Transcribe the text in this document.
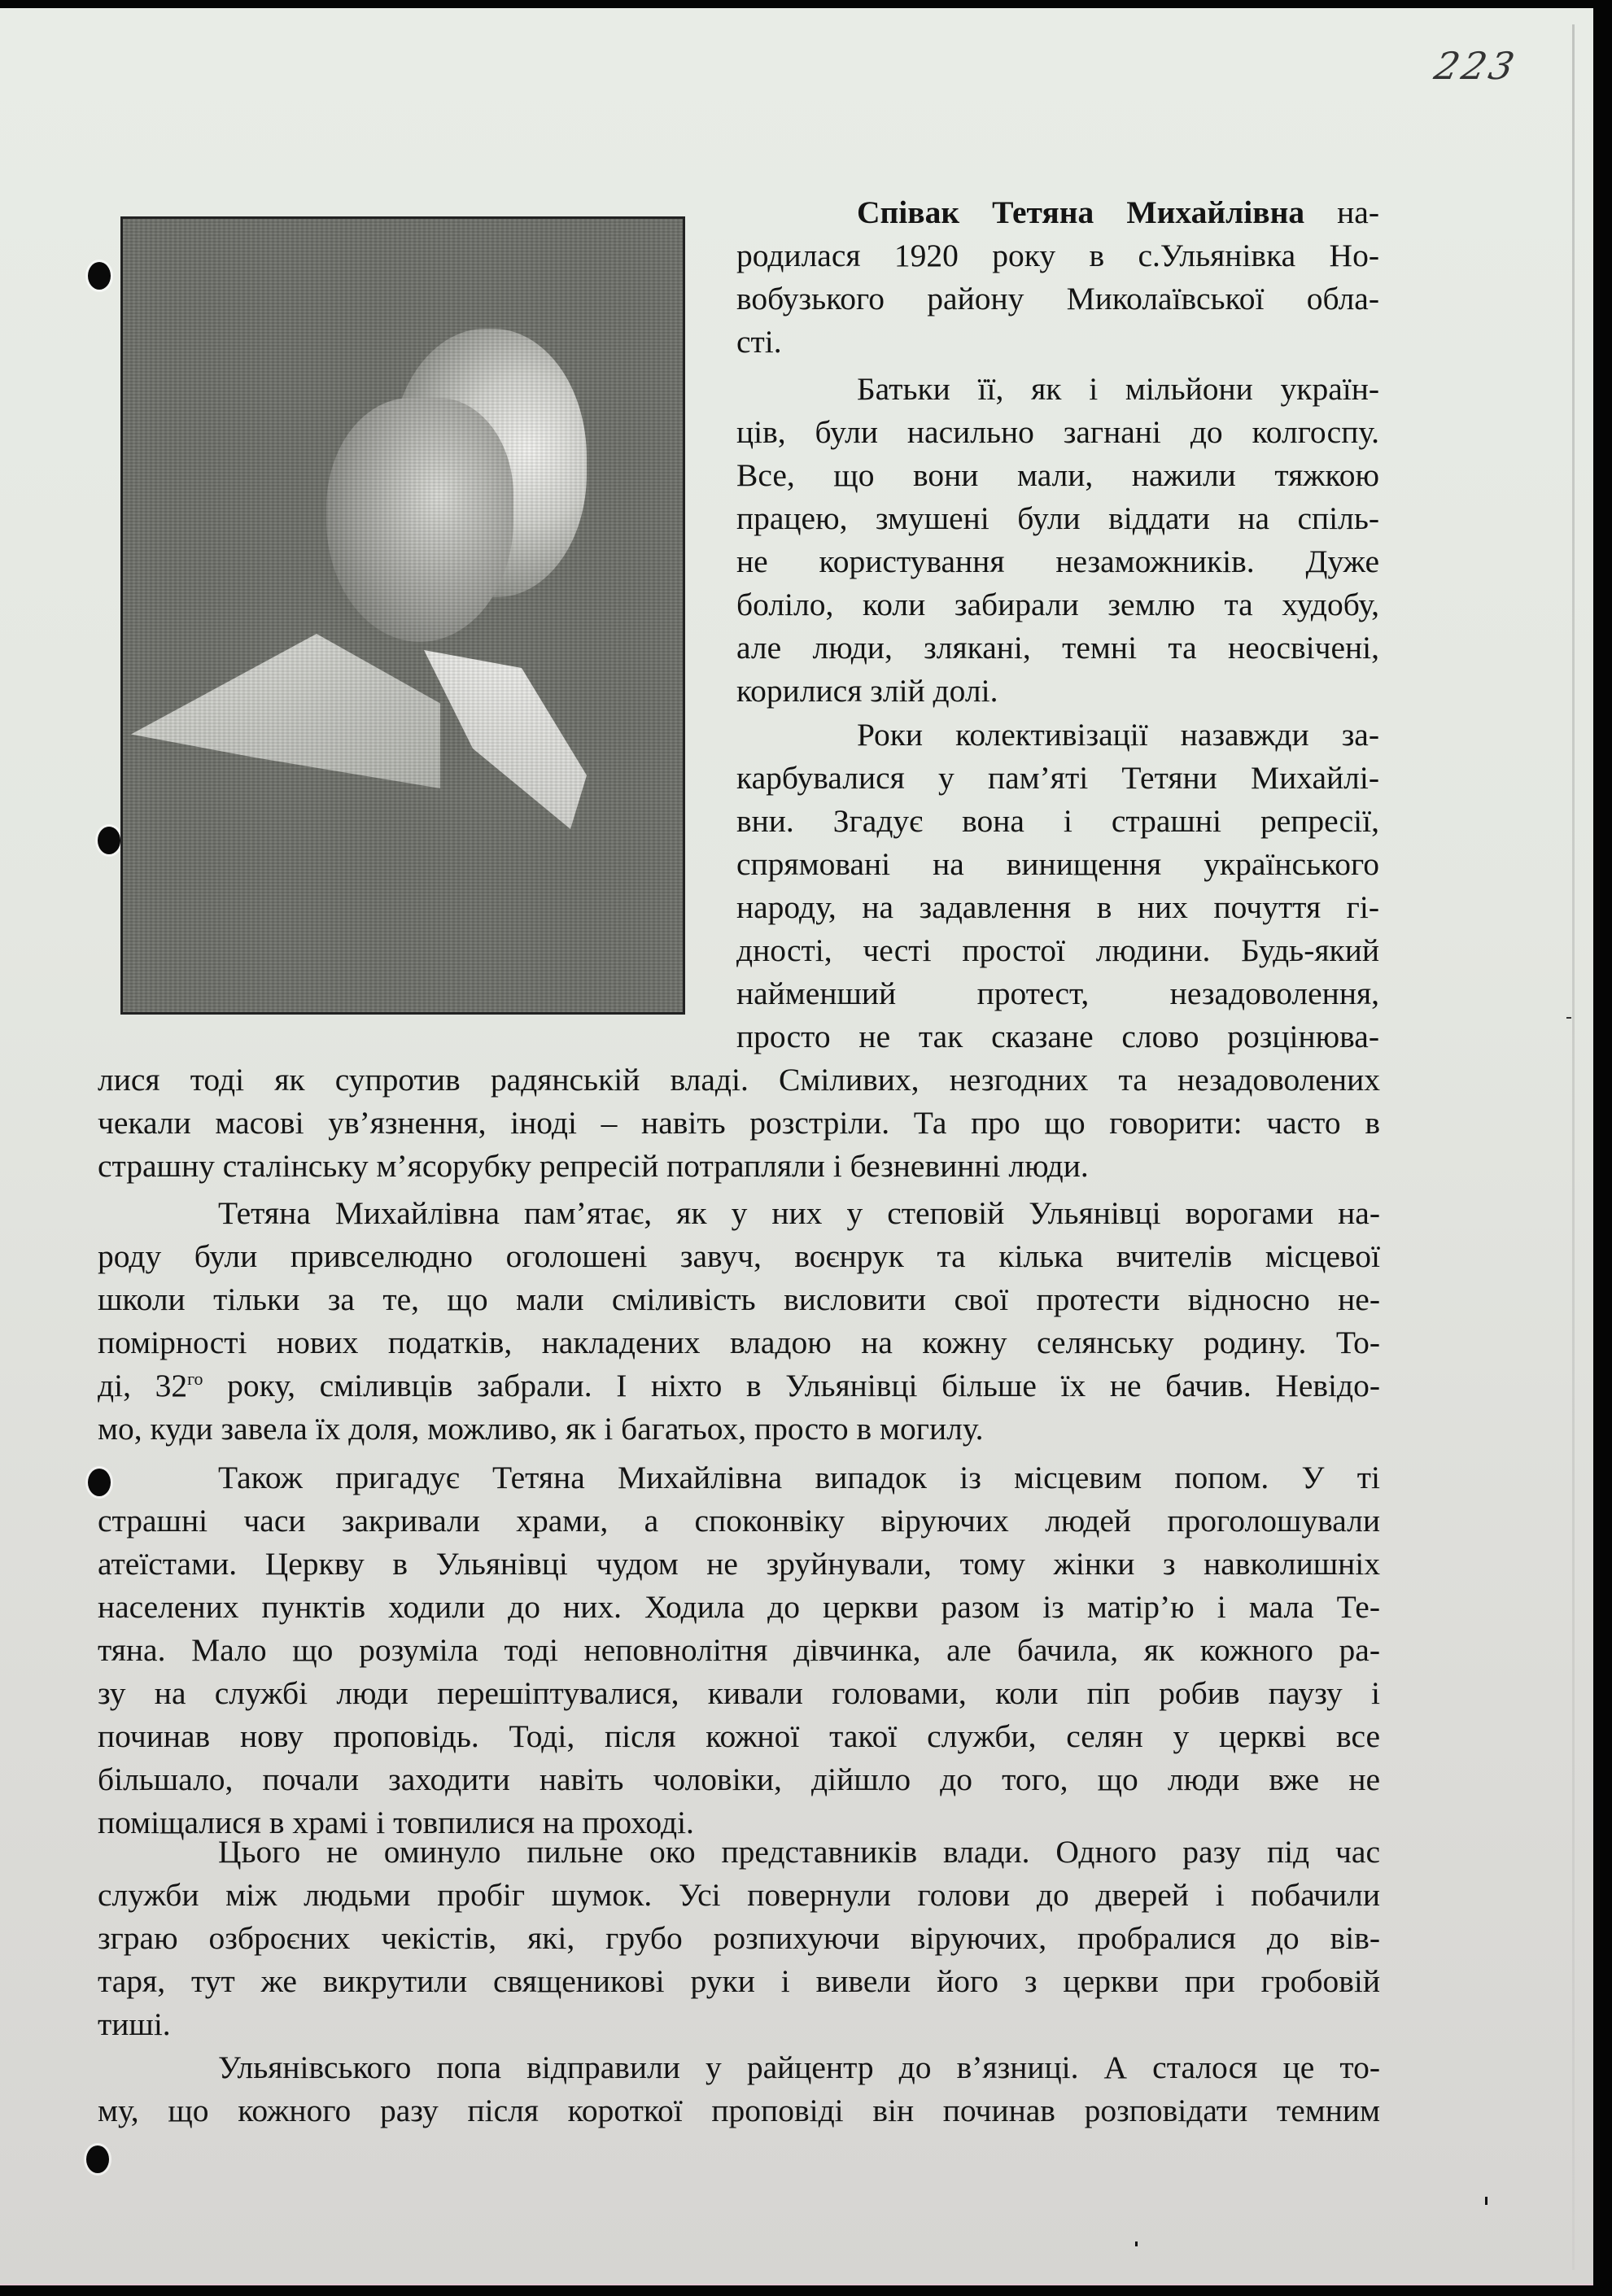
223
Співак Тетяна Михайлівна на-
родилася 1920 року в с.Ульянівка Но-
вобузького району Миколаївської обла-
сті.
Батьки її, як і мільйони україн-
ців, були насильно загнані до колгоспу.
Все, що вони мали, нажили тяжкою
працею, змушені були віддати на спіль-
не користування незаможників. Дуже
боліло, коли забирали землю та худобу,
але люди, злякані, темні та неосвічені,
корилися злій долі.
Роки колективізації назавжди за-
карбувалися у пам’яті Тетяни Михайлі-
вни. Згадує вона і страшні репресії,
спрямовані на винищення українського
народу, на задавлення в них почуття гі-
дності, честі простої людини. Будь-який
найменший протест, незадоволення,
просто не так сказане слово розцінюва-
лися тоді як супротив радянській владі. Сміливих, незгодних та незадоволених
чекали масові ув’язнення, іноді – навіть розстріли. Та про що говорити: часто в
страшну сталінську м’ясорубку репресій потрапляли і безневинні люди.
Тетяна Михайлівна пам’ятає, як у них у степовій Ульянівці ворогами на-
роду були привселюдно оголошені завуч, воєнрук та кілька вчителів місцевої
школи тільки за те, що мали сміливість висловити свої протести відносно не-
помірності нових податків, накладених владою на кожну селянську родину. То-
ді, $32^{го}$ року, сміливців забрали. І ніхто в Ульянівці більше їх не бачив. Невідо-
мо, куди завела їх доля, можливо, як і багатьох, просто в могилу.
Також пригадує Тетяна Михайлівна випадок із місцевим попом. У ті
страшні часи закривали храми, а споконвіку віруючих людей проголошували
атеїстами. Церкву в Ульянівці чудом не зруйнували, тому жінки з навколишніх
населених пунктів ходили до них. Ходила до церкви разом із матір’ю і мала Те-
тяна. Мало що розуміла тоді неповнолітня дівчинка, але бачила, як кожного ра-
зу на службі люди перешіптувалися, кивали головами, коли піп робив паузу і
починав нову проповідь. Тоді, після кожної такої служби, селян у церкві все
більшало, почали заходити навіть чоловіки, дійшло до того, що люди вже не
поміщалися в храмі і товпилися на проході.
Цього не оминуло пильне око представників влади. Одного разу під час
служби між людьми пробіг шумок. Усі повернули голови до дверей і побачили
зграю озброєних чекістів, які, грубо розпихуючи віруючих, пробралися до вів-
таря, тут же викрутили священикові руки і вивели його з церкви при гробовій
тиші.
Ульянівського попа відправили у райцентр до в’язниці. А сталося це то-
му, що кожного разу після короткої проповіді він починав розповідати темним
